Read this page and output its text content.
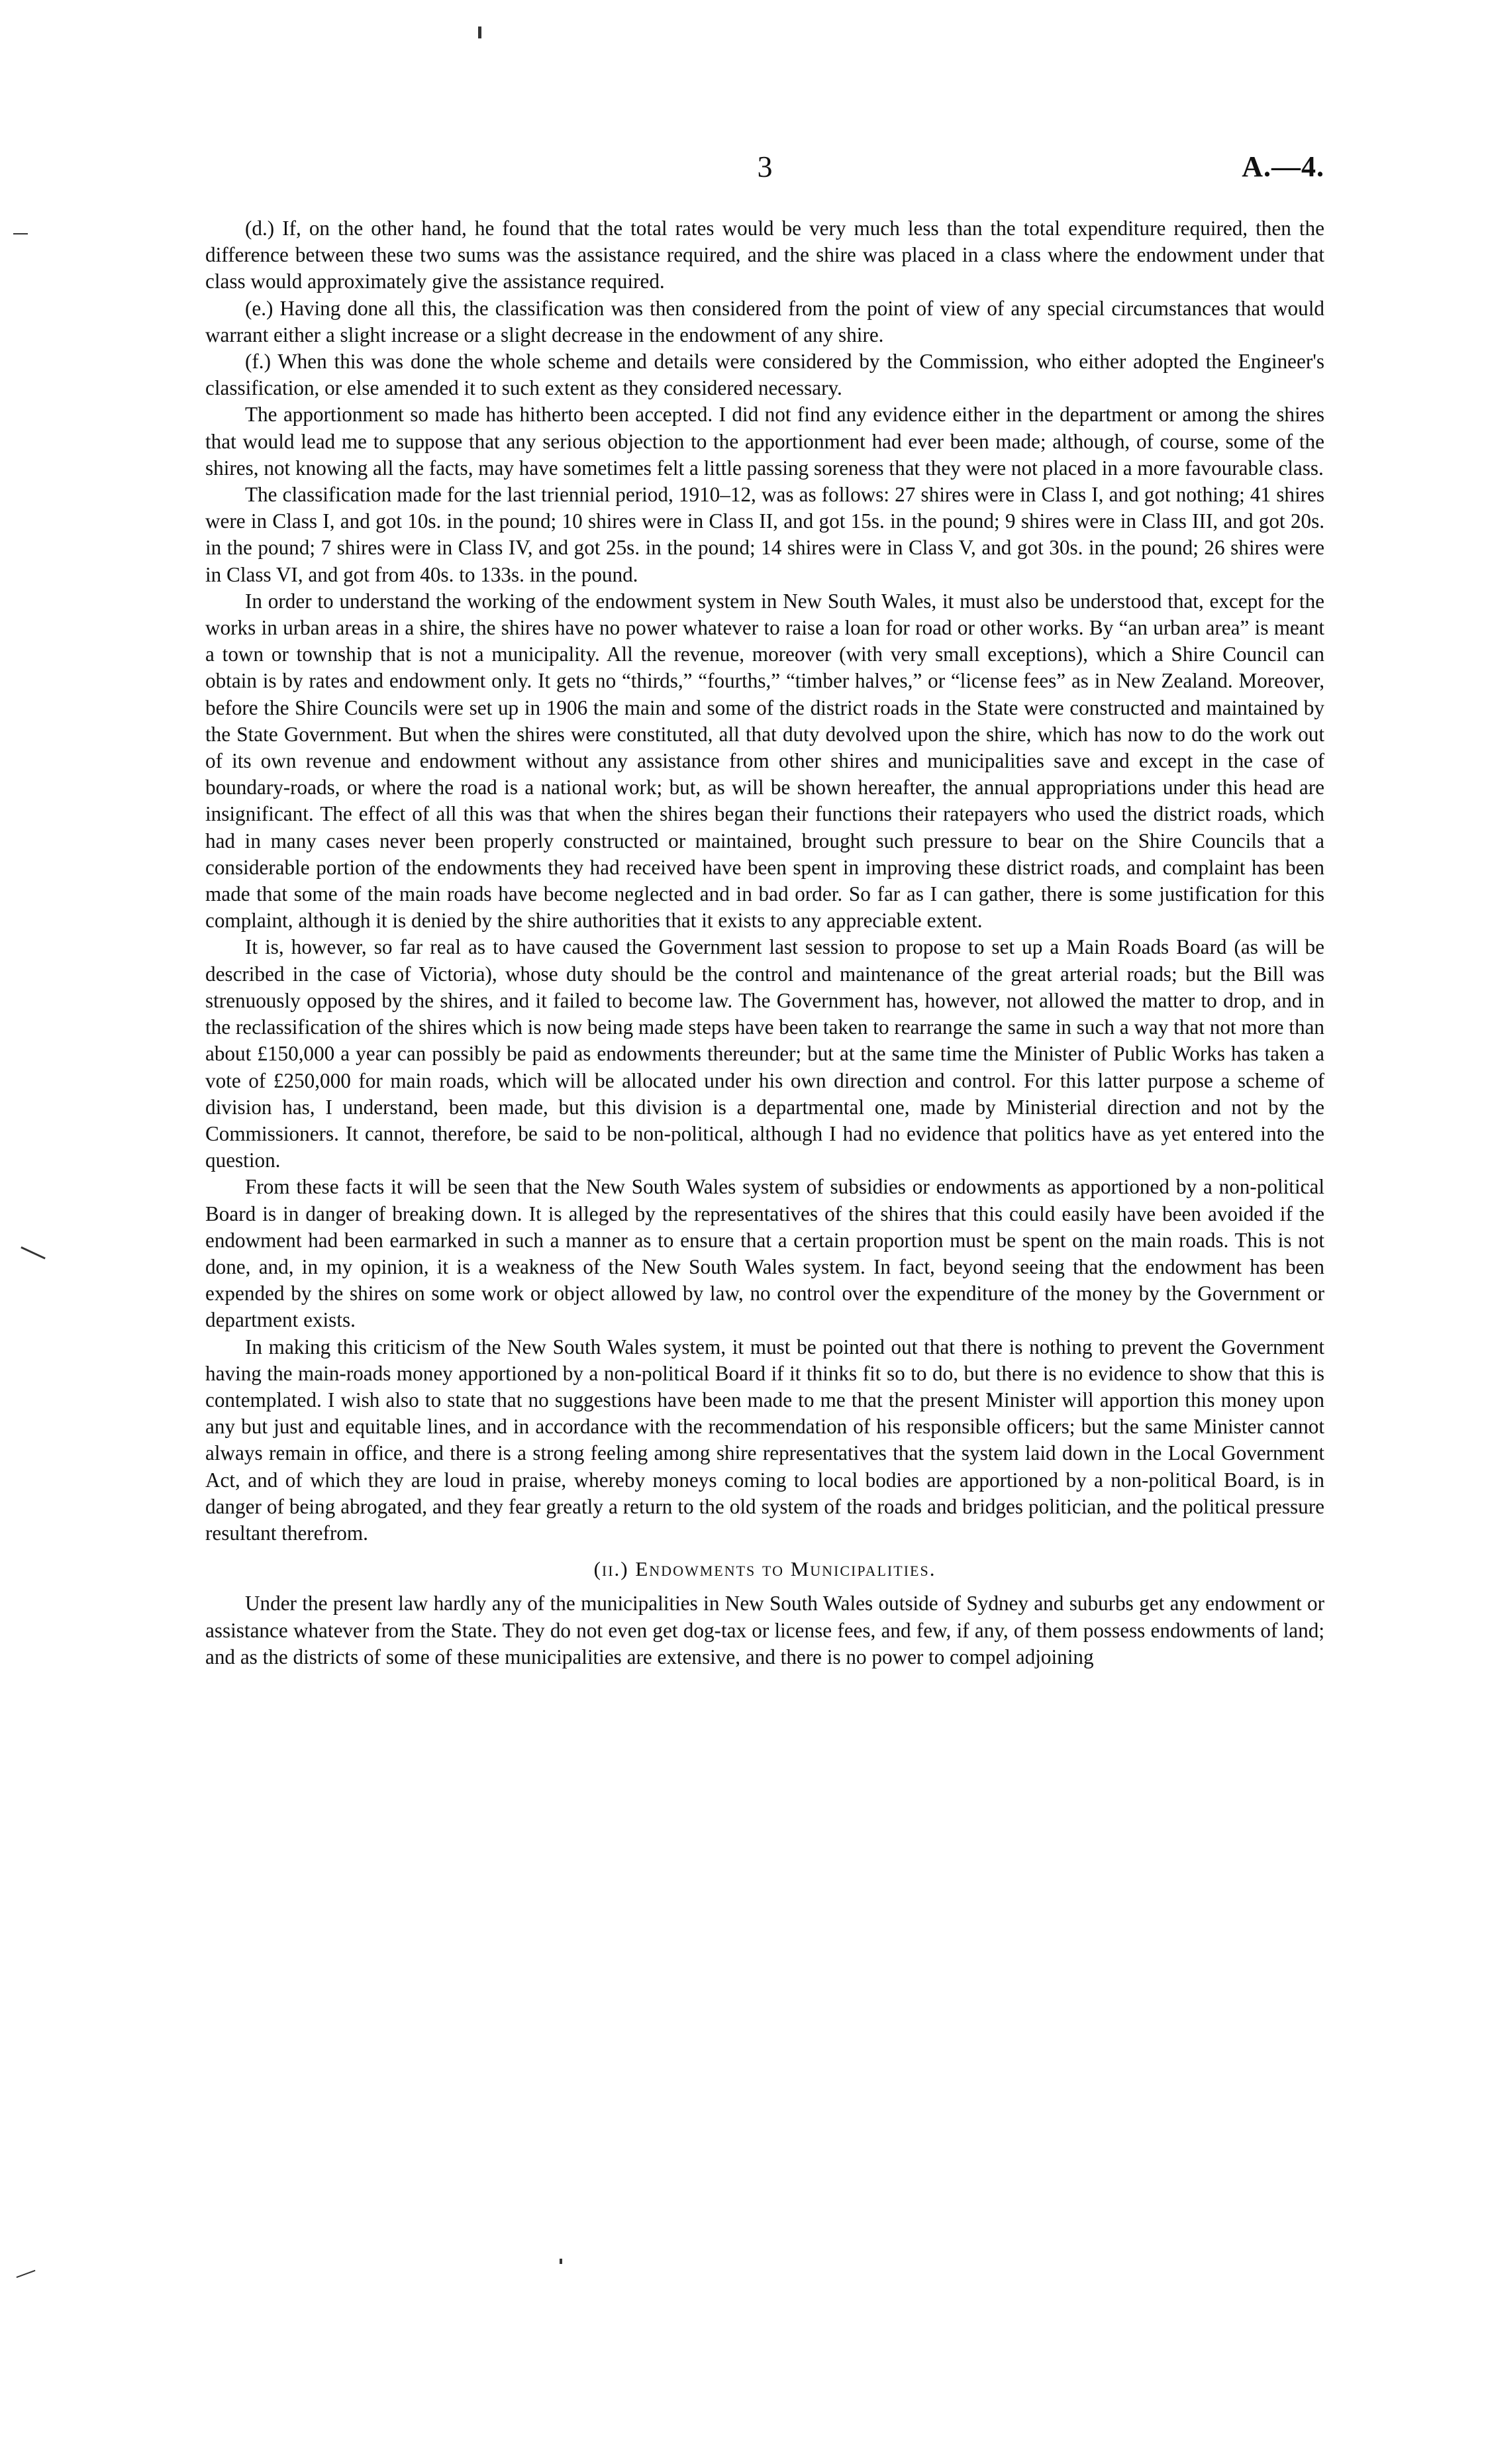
3	A.—4.

(d.) If, on the other hand, he found that the total rates would be very much less than the total expenditure required, then the difference between these two sums was the assistance required, and the shire was placed in a class where the endowment under that class would approximately give the assistance required.

(e.) Having done all this, the classification was then considered from the point of view of any special circumstances that would warrant either a slight increase or a slight decrease in the endowment of any shire.

(f.) When this was done the whole scheme and details were considered by the Commission, who either adopted the Engineer's classification, or else amended it to such extent as they considered necessary.

The apportionment so made has hitherto been accepted. I did not find any evidence either in the department or among the shires that would lead me to suppose that any serious objection to the apportionment had ever been made; although, of course, some of the shires, not knowing all the facts, may have sometimes felt a little passing soreness that they were not placed in a more favourable class.

The classification made for the last triennial period, 1910–12, was as follows: 27 shires were in Class I, and got nothing; 41 shires were in Class I, and got 10s. in the pound; 10 shires were in Class II, and got 15s. in the pound; 9 shires were in Class III, and got 20s. in the pound; 7 shires were in Class IV, and got 25s. in the pound; 14 shires were in Class V, and got 30s. in the pound; 26 shires were in Class VI, and got from 40s. to 133s. in the pound.

In order to understand the working of the endowment system in New South Wales, it must also be understood that, except for the works in urban areas in a shire, the shires have no power whatever to raise a loan for road or other works. By “an urban area” is meant a town or township that is not a municipality. All the revenue, moreover (with very small exceptions), which a Shire Council can obtain is by rates and endowment only. It gets no “thirds,” “fourths,” “timber halves,” or “license fees” as in New Zealand. Moreover, before the Shire Councils were set up in 1906 the main and some of the district roads in the State were constructed and maintained by the State Government. But when the shires were constituted, all that duty devolved upon the shire, which has now to do the work out of its own revenue and endowment without any assistance from other shires and municipalities save and except in the case of boundary-roads, or where the road is a national work; but, as will be shown hereafter, the annual appropriations under this head are insignificant. The effect of all this was that when the shires began their functions their ratepayers who used the district roads, which had in many cases never been properly constructed or maintained, brought such pressure to bear on the Shire Councils that a considerable portion of the endowments they had received have been spent in improving these district roads, and complaint has been made that some of the main roads have become neglected and in bad order. So far as I can gather, there is some justification for this complaint, although it is denied by the shire authorities that it exists to any appreciable extent.

It is, however, so far real as to have caused the Government last session to propose to set up a Main Roads Board (as will be described in the case of Victoria), whose duty should be the control and maintenance of the great arterial roads; but the Bill was strenuously opposed by the shires, and it failed to become law. The Government has, however, not allowed the matter to drop, and in the reclassification of the shires which is now being made steps have been taken to rearrange the same in such a way that not more than about £150,000 a year can possibly be paid as endowments thereunder; but at the same time the Minister of Public Works has taken a vote of £250,000 for main roads, which will be allocated under his own direction and control. For this latter purpose a scheme of division has, I understand, been made, but this division is a departmental one, made by Ministerial direction and not by the Commissioners. It cannot, therefore, be said to be non-political, although I had no evidence that politics have as yet entered into the question.

From these facts it will be seen that the New South Wales system of subsidies or endowments as apportioned by a non-political Board is in danger of breaking down. It is alleged by the representatives of the shires that this could easily have been avoided if the endowment had been earmarked in such a manner as to ensure that a certain proportion must be spent on the main roads. This is not done, and, in my opinion, it is a weakness of the New South Wales system. In fact, beyond seeing that the endowment has been expended by the shires on some work or object allowed by law, no control over the expenditure of the money by the Government or department exists.

In making this criticism of the New South Wales system, it must be pointed out that there is nothing to prevent the Government having the main-roads money apportioned by a non-political Board if it thinks fit so to do, but there is no evidence to show that this is contemplated. I wish also to state that no suggestions have been made to me that the present Minister will apportion this money upon any but just and equitable lines, and in accordance with the recommendation of his responsible officers; but the same Minister cannot always remain in office, and there is a strong feeling among shire representatives that the system laid down in the Local Government Act, and of which they are loud in praise, whereby moneys coming to local bodies are apportioned by a non-political Board, is in danger of being abrogated, and they fear greatly a return to the old system of the roads and bridges politician, and the political pressure resultant therefrom.

(ii.) Endowments to Municipalities.

Under the present law hardly any of the municipalities in New South Wales outside of Sydney and suburbs get any endowment or assistance whatever from the State. They do not even get dog-tax or license fees, and few, if any, of them possess endowments of land; and as the districts of some of these municipalities are extensive, and there is no power to compel adjoining
